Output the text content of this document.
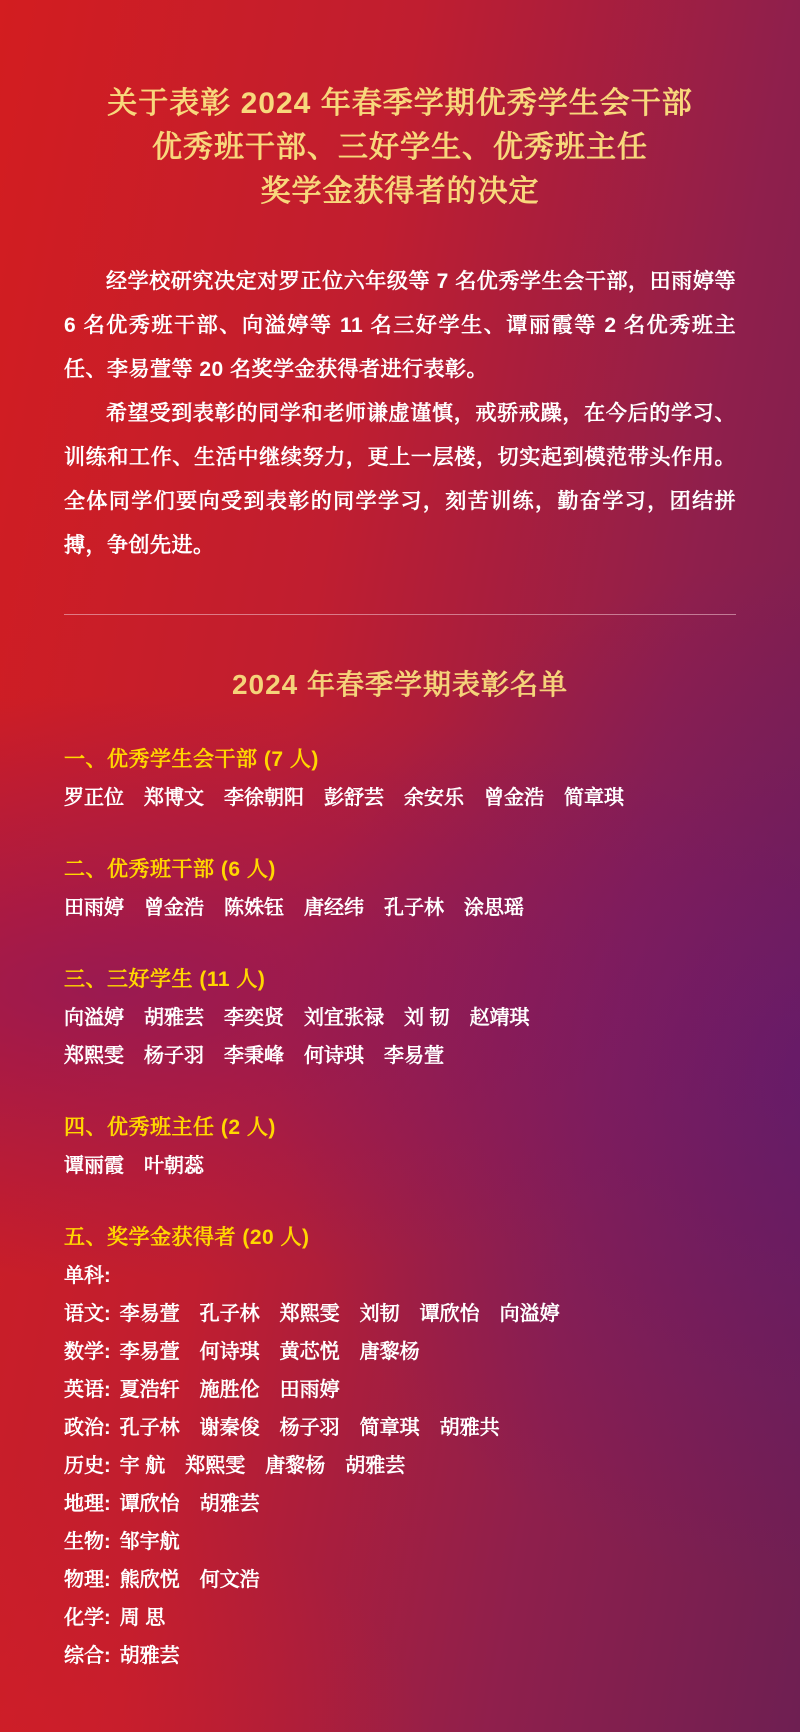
关于表彰 2024 年春季学期优秀学生会干部
优秀班干部、三好学生、优秀班主任
奖学金获得者的决定

经学校研究决定对罗正位六年级等 7 名优秀学生会干部，田雨婷等 6 名优秀班干部、向溢婷等 11 名三好学生、谭丽霞等 2 名优秀班主任、李易萱等 20 名奖学金获得者进行表彰。

希望受到表彰的同学和老师谦虚谨慎，戒骄戒躁，在今后的学习、训练和工作、生活中继续努力，更上一层楼，切实起到模范带头作用。全体同学们要向受到表彰的同学学习，刻苦训练，勤奋学习，团结拼搏，争创先进。

2024 年春季学期表彰名单
一、优秀学生会干部 (7 人)
罗正位 郑博文 李徐朝阳 彭舒芸 余安乐 曾金浩 简章琪
二、优秀班干部 (6 人)
田雨婷 曾金浩 陈姝钰 唐经纬 孔子林 涂思瑶
三、三好学生 (11 人)
向溢婷 胡雅芸 李奕贤 刘宜张禄 刘 韧 赵靖琪
郑熙雯 杨子羽 李秉峰 何诗琪 李易萱
四、优秀班主任 (2 人)
谭丽霞 叶朝蕊
五、奖学金获得者 (20 人)
单科:
语文: 李易萱 孔子林 郑熙雯 刘韧 谭欣怡 向溢婷
数学: 李易萱 何诗琪 黄芯悦 唐黎杨
英语: 夏浩轩 施胜伦 田雨婷
政治: 孔子林 谢秦俊 杨子羽 简章琪 胡雅共
历史: 宇 航 郑熙雯 唐黎杨 胡雅芸
地理: 谭欣怡 胡雅芸
生物: 邹宇航
物理: 熊欣悦 何文浩
化学: 周 思
综合: 胡雅芸
